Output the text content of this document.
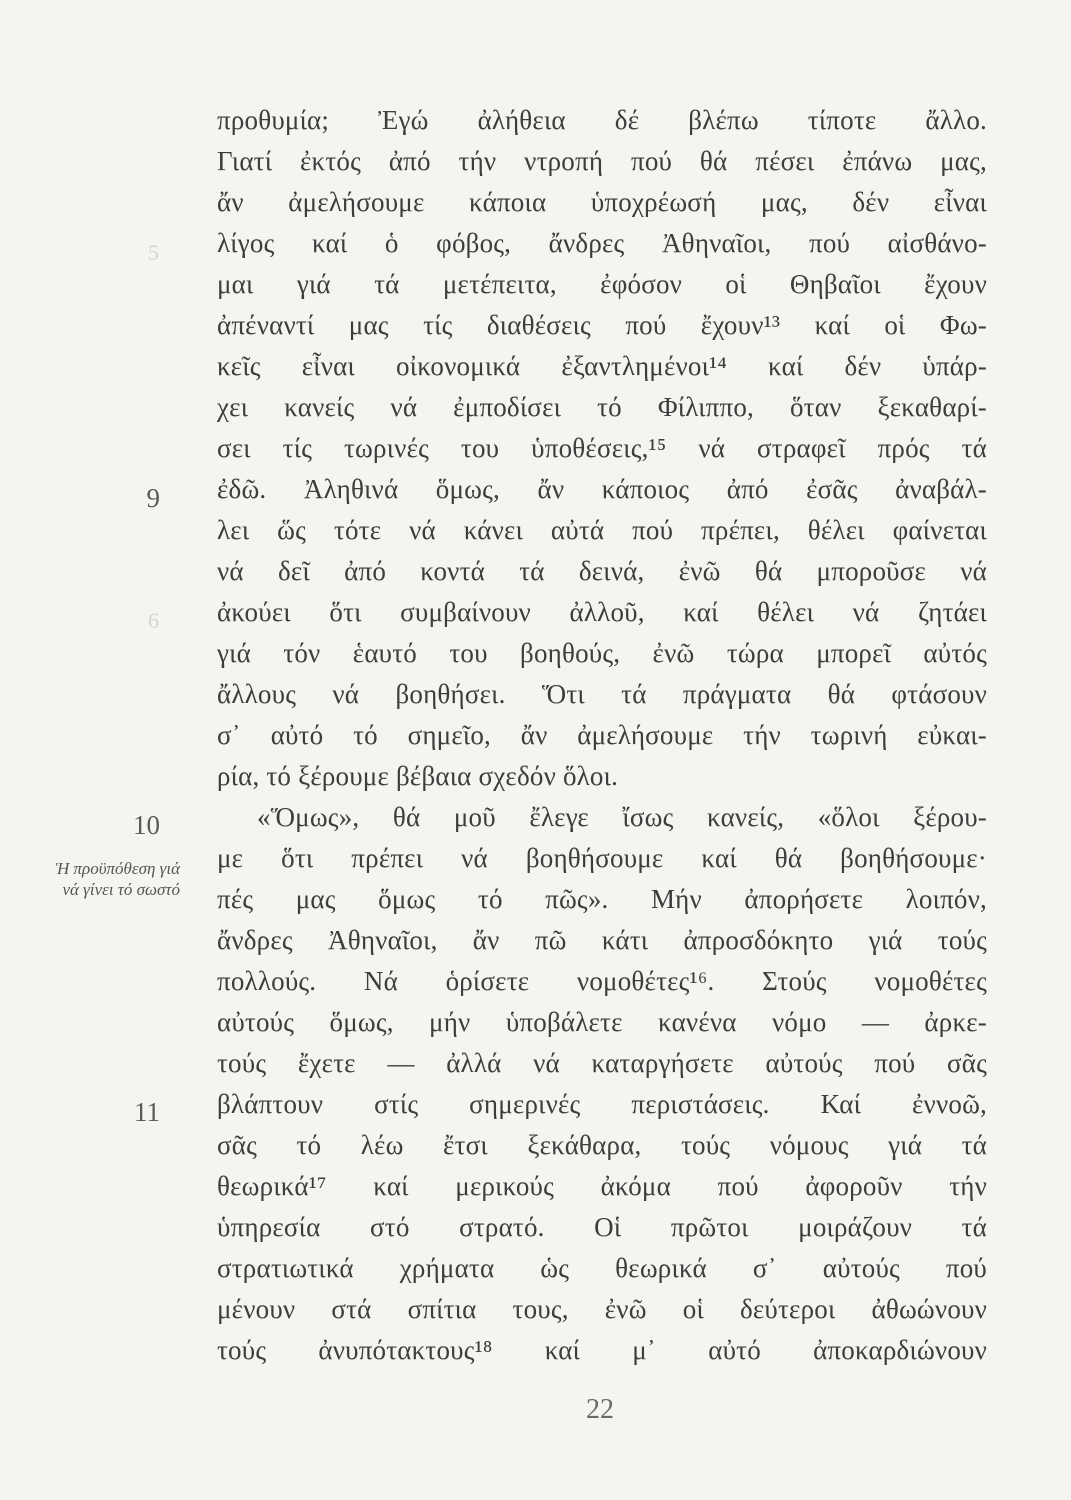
5
6
9
10
11
Ἡ προϋπόθεση γιά νά γίνει τό σωστό
προθυμία; Ἐγώ ἀλήθεια δέ βλέπω τίποτε ἄλλο.
Γιατί ἐκτός ἀπό τήν ντροπή πού θά πέσει ἐπάνω μας,
ἄν ἀμελήσουμε κάποια ὑποχρέωσή μας, δέν εἶναι
λίγος καί ὁ φόβος, ἄνδρες Ἀθηναῖοι, πού αἰσθάνο-
μαι γιά τά μετέπειτα, ἐφόσον οἱ Θηβαῖοι ἔχουν
ἀπέναντί μας τίς διαθέσεις πού ἔχουν¹³ καί οἱ Φω-
κεῖς εἶναι οἰκονομικά ἐξαντλημένοι¹⁴ καί δέν ὑπάρ-
χει κανείς νά ἐμποδίσει τό Φίλιππο, ὅταν ξεκαθαρί-
σει τίς τωρινές του ὑποθέσεις,¹⁵ νά στραφεῖ πρός τά
ἐδῶ. Ἀληθινά ὅμως, ἄν κάποιος ἀπό ἐσᾶς ἀναβάλ-
λει ὥς τότε νά κάνει αὐτά πού πρέπει, θέλει φαίνεται
νά δεῖ ἀπό κοντά τά δεινά, ἐνῶ θά μποροῦσε νά
ἀκούει ὅτι συμβαίνουν ἀλλοῦ, καί θέλει νά ζητάει
γιά τόν ἑαυτό του βοηθούς, ἐνῶ τώρα μπορεῖ αὐτός
ἄλλους νά βοηθήσει. Ὅτι τά πράγματα θά φτάσουν
σ᾽ αὐτό τό σημεῖο, ἄν ἀμελήσουμε τήν τωρινή εὐκαι-
ρία, τό ξέρουμε βέβαια σχεδόν ὅλοι.
«Ὅμως», θά μοῦ ἔλεγε ἴσως κανείς, «ὅλοι ξέρου-
με ὅτι πρέπει νά βοηθήσουμε καί θά βοηθήσουμε·
πές μας ὅμως τό πῶς». Μήν ἀπορήσετε λοιπόν,
ἄνδρες Ἀθηναῖοι, ἄν πῶ κάτι ἀπροσδόκητο γιά τούς
πολλούς. Νά ὁρίσετε νομοθέτες¹⁶. Στούς νομοθέτες
αὐτούς ὅμως, μήν ὑποβάλετε κανένα νόμο — ἀρκε-
τούς ἔχετε — ἀλλά νά καταργήσετε αὐτούς πού σᾶς
βλάπτουν στίς σημερινές περιστάσεις. Καί ἐννοῶ,
σᾶς τό λέω ἔτσι ξεκάθαρα, τούς νόμους γιά τά
θεωρικά¹⁷ καί μερικούς ἀκόμα πού ἀφοροῦν τήν
ὑπηρεσία στό στρατό. Οἱ πρῶτοι μοιράζουν τά
στρατιωτικά χρήματα ὡς θεωρικά σ᾽ αὐτούς πού
μένουν στά σπίτια τους, ἐνῶ οἱ δεύτεροι ἀθωώνουν
τούς ἀνυπότακτους¹⁸ καί μ᾽ αὐτό ἀποκαρδιώνουν
22
